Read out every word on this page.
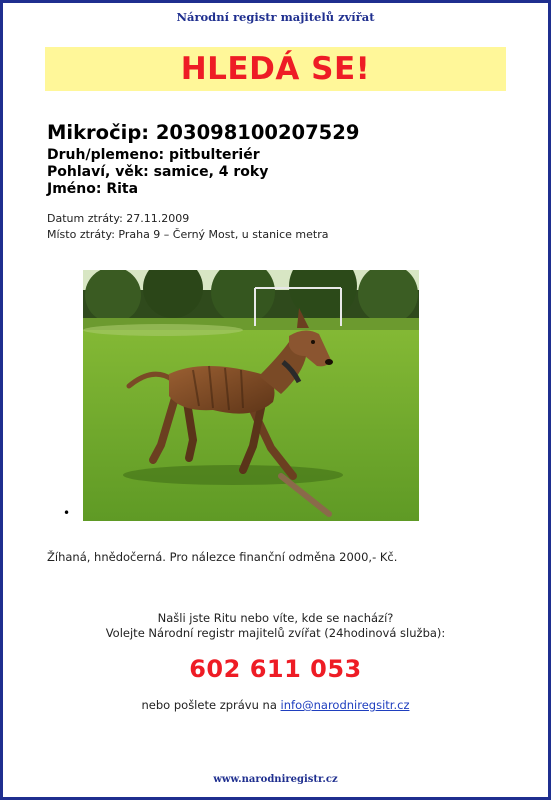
Národní registr majitelů zvířat
HLEDÁ SE!
Mikročip: 203098100207529
Druh/plemeno: pitbulteriér
Pohlaví, věk: samice, 4 roky
Jméno: Rita
Datum ztráty: 27.11.2009
Místo ztráty: Praha 9 – Černý Most, u stanice metra
•
Žíhaná, hnědočerná. Pro nálezce finanční odměna 2000,- Kč.
Našli jste Ritu nebo víte, kde se nachází?
Volejte Národní registr majitelů zvířat (24hodinová služba):
602 611 053
nebo pošlete zprávu na info@narodniregsitr.cz
www.narodniregistr.cz
